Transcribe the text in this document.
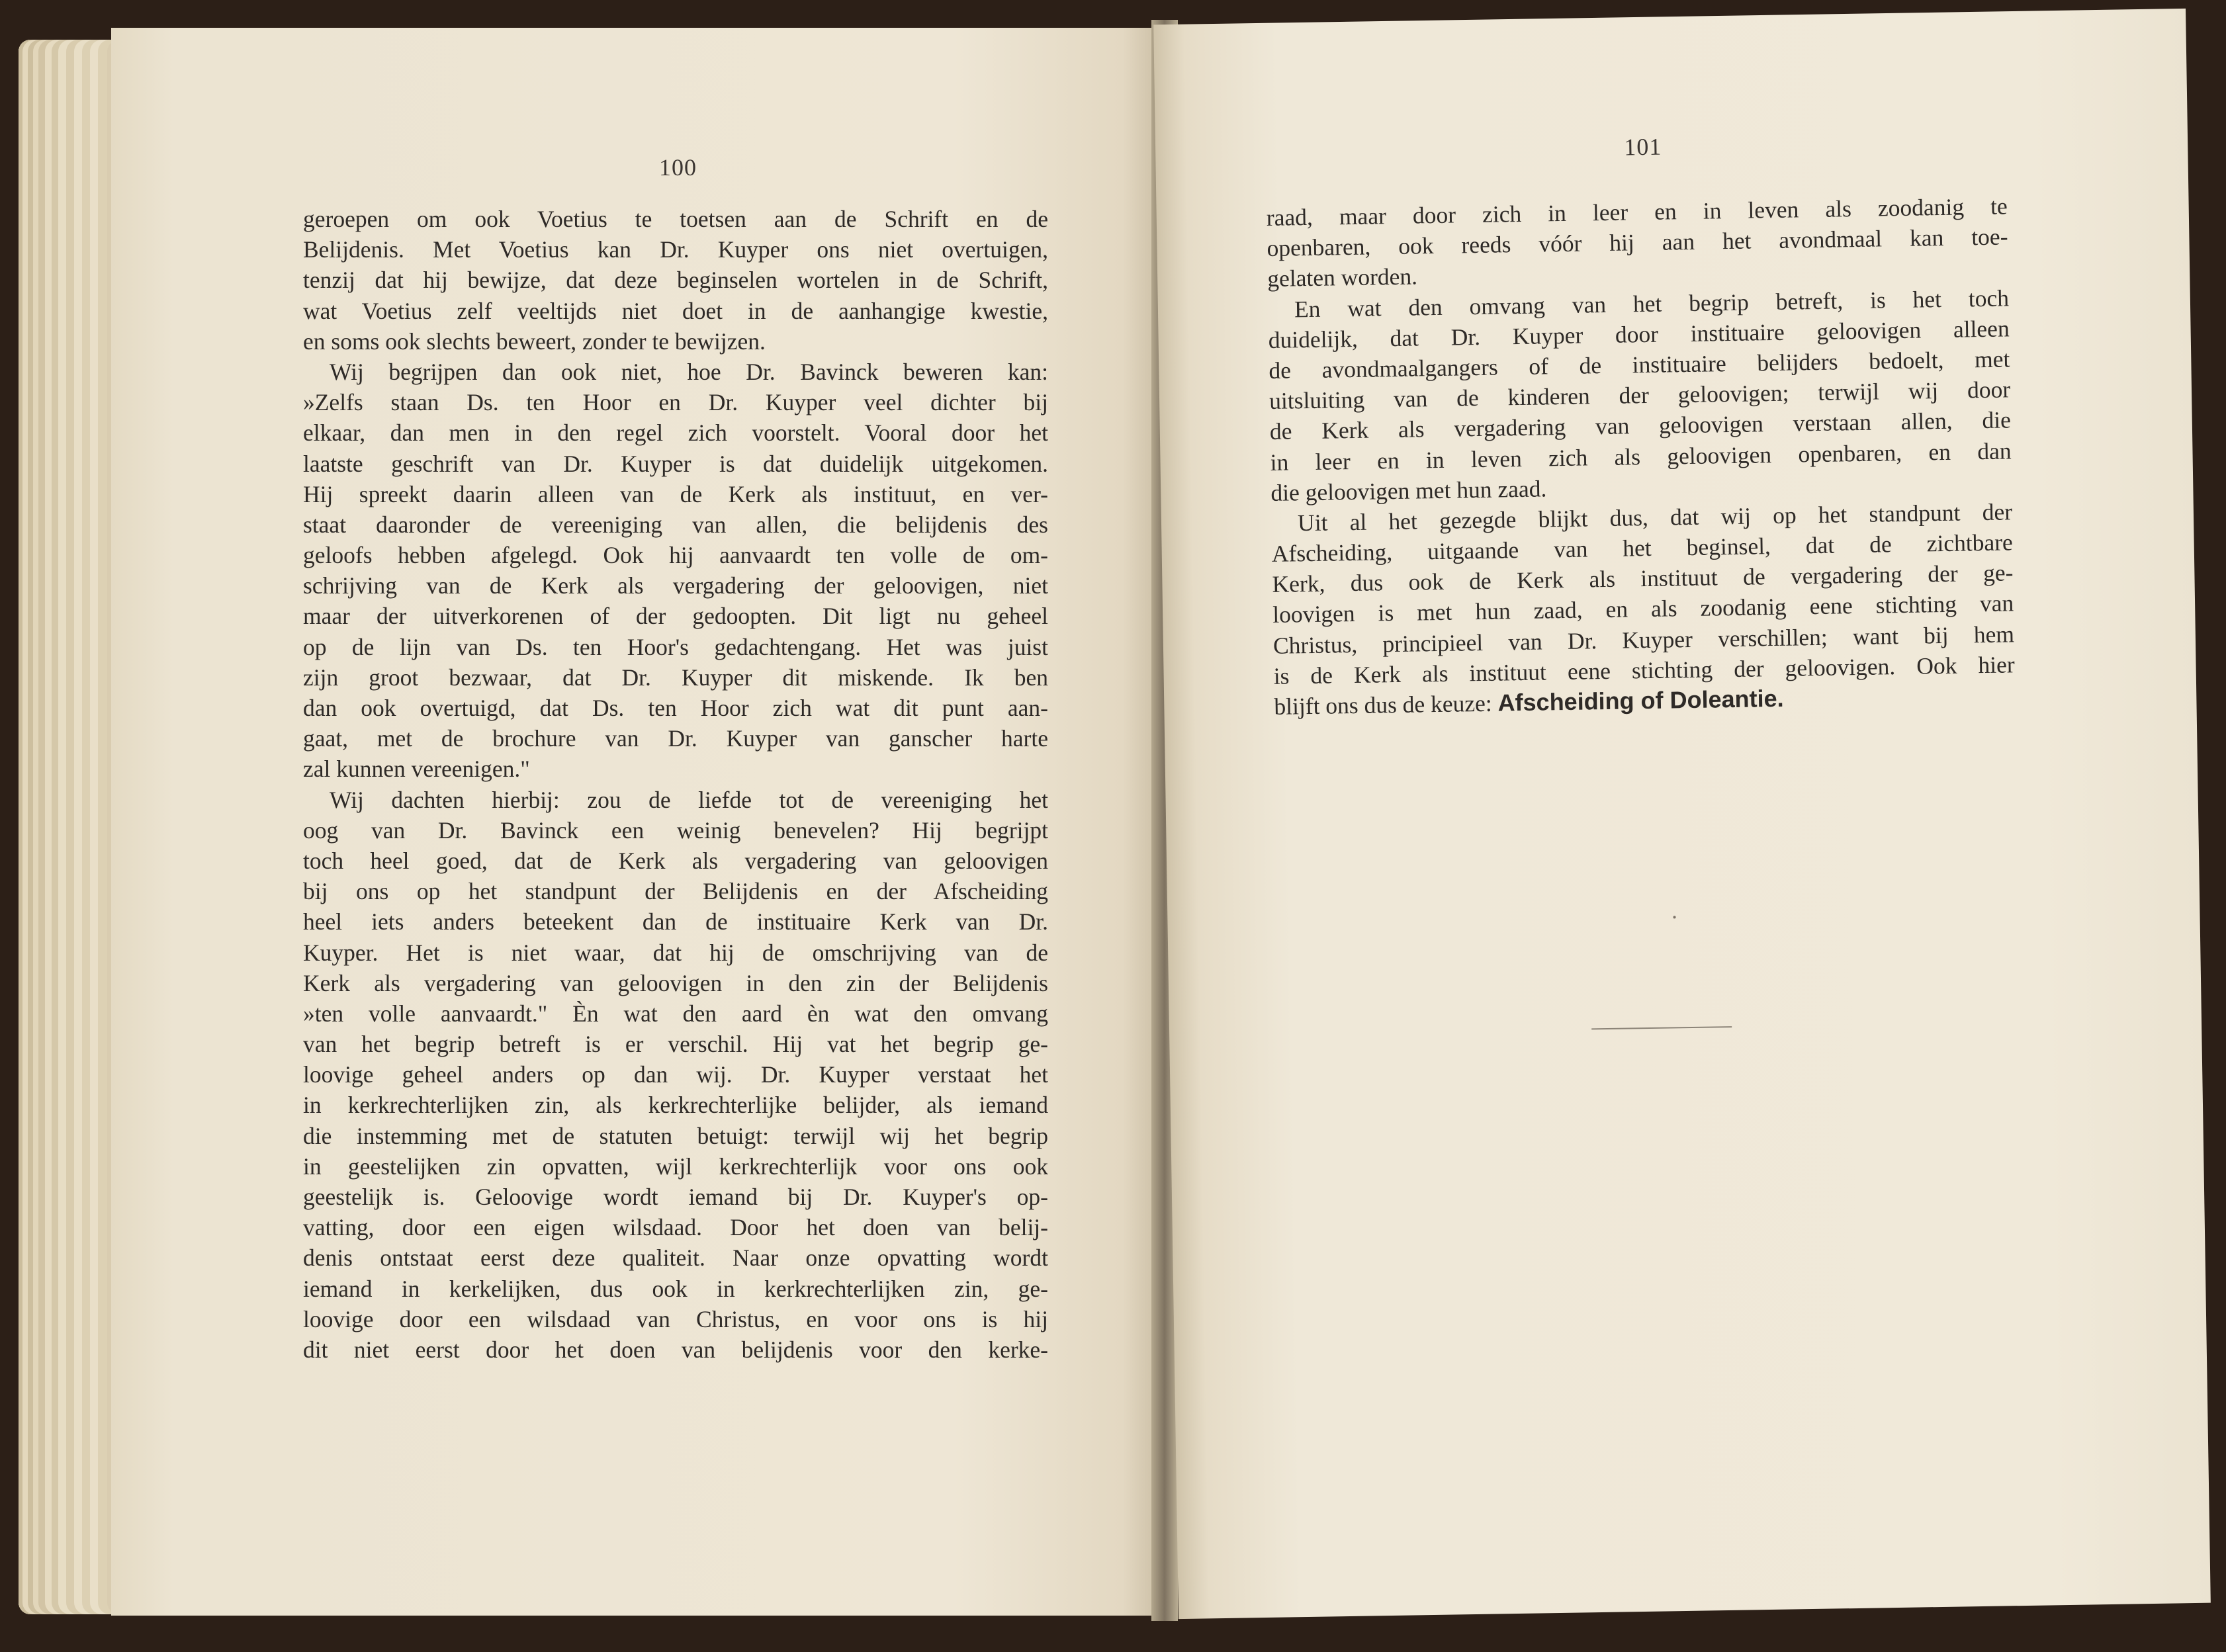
100
geroepen om ook Voetius te toetsen aan de Schrift en de
Belijdenis. Met Voetius kan Dr. Kuyper ons niet overtuigen,
tenzij dat hij bewijze, dat deze beginselen wortelen in de Schrift,
wat Voetius zelf veeltijds niet doet in de aanhangige kwestie,
en soms ook slechts beweert, zonder te bewijzen.
Wij begrijpen dan ook niet, hoe Dr. Bavinck beweren kan:
»Zelfs staan Ds. ten Hoor en Dr. Kuyper veel dichter bij
elkaar, dan men in den regel zich voorstelt. Vooral door het
laatste geschrift van Dr. Kuyper is dat duidelijk uitgekomen.
Hij spreekt daarin alleen van de Kerk als instituut, en ver-
staat daaronder de vereeniging van allen, die belijdenis des
geloofs hebben afgelegd. Ook hij aanvaardt ten volle de om-
schrijving van de Kerk als vergadering der geloovigen, niet
maar der uitverkorenen of der gedoopten. Dit ligt nu geheel
op de lijn van Ds. ten Hoor's gedachtengang. Het was juist
zijn groot bezwaar, dat Dr. Kuyper dit miskende. Ik ben
dan ook overtuigd, dat Ds. ten Hoor zich wat dit punt aan-
gaat, met de brochure van Dr. Kuyper van ganscher harte
zal kunnen vereenigen."
Wij dachten hierbij: zou de liefde tot de vereeniging het
oog van Dr. Bavinck een weinig benevelen? Hij begrijpt
toch heel goed, dat de Kerk als vergadering van geloovigen
bij ons op het standpunt der Belijdenis en der Afscheiding
heel iets anders beteekent dan de instituaire Kerk van Dr.
Kuyper. Het is niet waar, dat hij de omschrijving van de
Kerk als vergadering van geloovigen in den zin der Belijdenis
»ten volle aanvaardt." Èn wat den aard èn wat den omvang
van het begrip betreft is er verschil. Hij vat het begrip ge-
loovige geheel anders op dan wij. Dr. Kuyper verstaat het
in kerkrechterlijken zin, als kerkrechterlijke belijder, als iemand
die instemming met de statuten betuigt: terwijl wij het begrip
in geestelijken zin opvatten, wijl kerkrechterlijk voor ons ook
geestelijk is. Geloovige wordt iemand bij Dr. Kuyper's op-
vatting, door een eigen wilsdaad. Door het doen van belij-
denis ontstaat eerst deze qualiteit. Naar onze opvatting wordt
iemand in kerkelijken, dus ook in kerkrechterlijken zin, ge-
loovige door een wilsdaad van Christus, en voor ons is hij
dit niet eerst door het doen van belijdenis voor den kerke-
101
raad, maar door zich in leer en in leven als zoodanig te
openbaren, ook reeds vóór hij aan het avondmaal kan toe-
gelaten worden.
En wat den omvang van het begrip betreft, is het toch
duidelijk, dat Dr. Kuyper door instituaire geloovigen alleen
de avondmaalgangers of de instituaire belijders bedoelt, met
uitsluiting van de kinderen der geloovigen; terwijl wij door
de Kerk als vergadering van geloovigen verstaan allen, die
in leer en in leven zich als geloovigen openbaren, en dan
die geloovigen met hun zaad.
Uit al het gezegde blijkt dus, dat wij op het standpunt der
Afscheiding, uitgaande van het beginsel, dat de zichtbare
Kerk, dus ook de Kerk als instituut de vergadering der ge-
loovigen is met hun zaad, en als zoodanig eene stichting van
Christus, principieel van Dr. Kuyper verschillen; want bij hem
is de Kerk als instituut eene stichting der geloovigen. Ook hier
blijft ons dus de keuze: Afscheiding of Doleantie.
